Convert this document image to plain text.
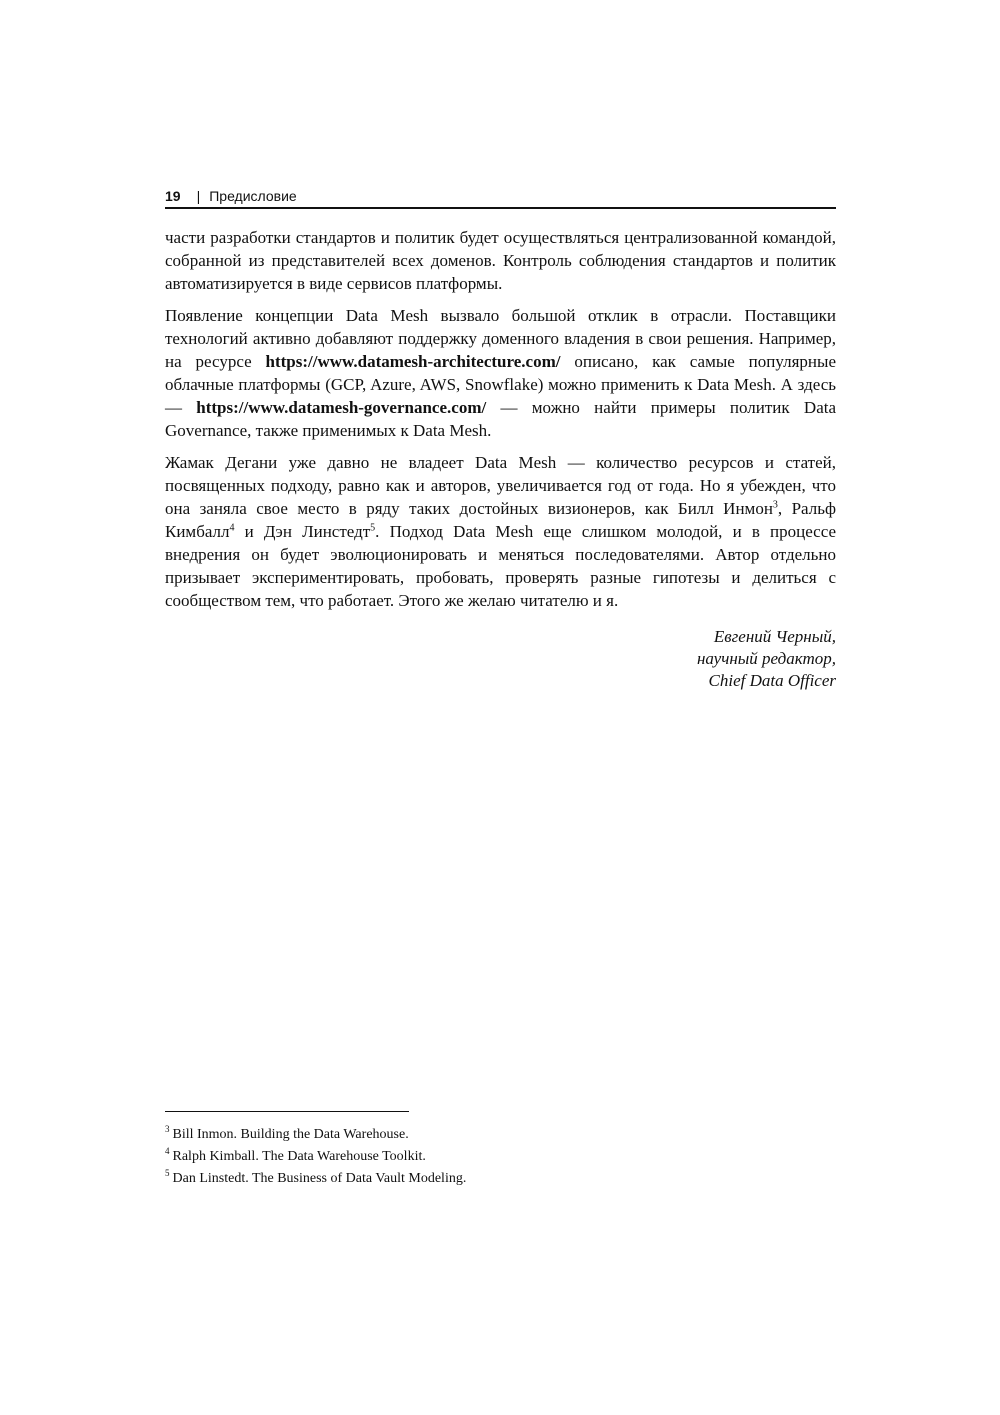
19 | Предисловие

части разработки стандартов и политик будет осуществляться централизованной командой, собранной из представителей всех доменов. Контроль соблюдения стандартов и политик автоматизируется в виде сервисов платформы.

Появление концепции Data Mesh вызвало большой отклик в отрасли. Поставщики технологий активно добавляют поддержку доменного владения в свои решения. Например, на ресурсе https://www.datamesh-architecture.com/ описано, как самые популярные облачные платформы (GCP, Azure, AWS, Snowflake) можно применить к Data Mesh. А здесь — https://www.datamesh-governance.com/ — можно найти примеры политик Data Governance, также применимых к Data Mesh.

Жамак Дегани уже давно не владеет Data Mesh — количество ресурсов и статей, посвященных подходу, равно как и авторов, увеличивается год от года. Но я убежден, что она заняла свое место в ряду таких достойных визионеров, как Билл Инмон$^3$, Ральф Кимбалл$^4$ и Дэн Линстедт$^5$. Подход Data Mesh еще слишком молодой, и в процессе внедрения он будет эволюционировать и меняться последователями. Автор отдельно призывает экспериментировать, пробовать, проверять разные гипотезы и делиться с сообществом тем, что работает. Этого же желаю читателю и я.

Евгений Черный,
научный редактор,
Chief Data Officer
$^3$ Bill Inmon. Building the Data Warehouse.
$^4$ Ralph Kimball. The Data Warehouse Toolkit.
$^5$ Dan Linstedt. The Business of Data Vault Modeling.
